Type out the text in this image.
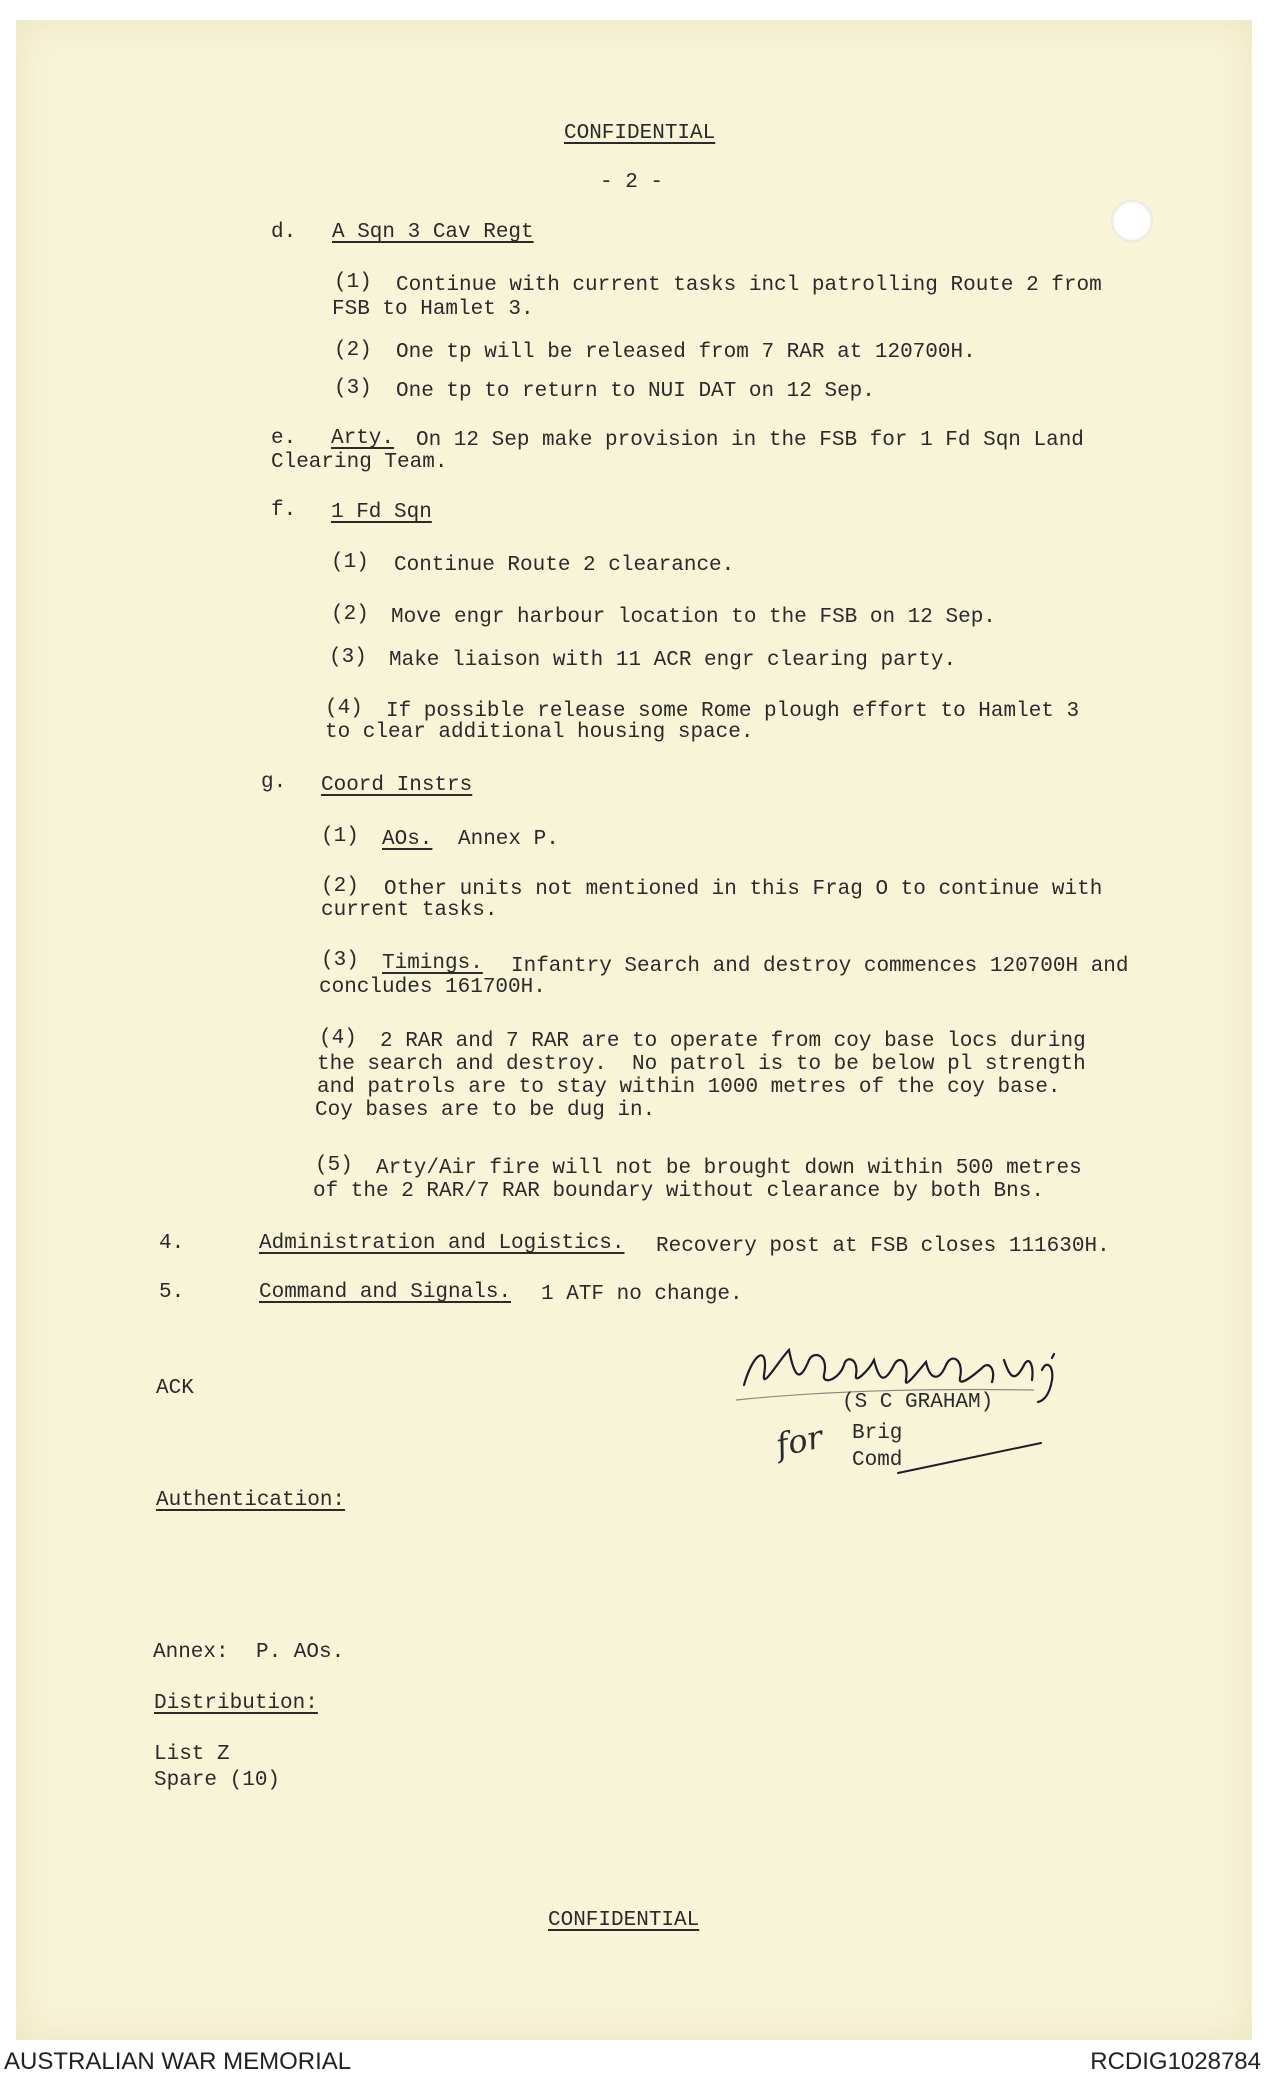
CONFIDENTIAL
- 2 -
d. A Sqn 3 Cav Regt
(1) Continue with current tasks incl patrolling Route 2 from
FSB to Hamlet 3.
(2) One tp will be released from 7 RAR at 120700H.
(3) One tp to return to NUI DAT on 12 Sep.
e. Arty. On 12 Sep make provision in the FSB for 1 Fd Sqn Land
Clearing Team.
f. 1 Fd Sqn
(1) Continue Route 2 clearance.
(2) Move engr harbour location to the FSB on 12 Sep.
(3) Make liaison with 11 ACR engr clearing party.
(4) If possible release some Rome plough effort to Hamlet 3
to clear additional housing space.
g. Coord Instrs
(1) AOs. Annex P.
(2) Other units not mentioned in this Frag O to continue with
current tasks.
(3) Timings. Infantry Search and destroy commences 120700H and
concludes 161700H.
(4) 2 RAR and 7 RAR are to operate from coy base locs during
the search and destroy.  No patrol is to be below pl strength
and patrols are to stay within 1000 metres of the coy base.
Coy bases are to be dug in.
(5) Arty/Air fire will not be brought down within 500 metres
of the 2 RAR/7 RAR boundary without clearance by both Bns.
4.	Administration and Logistics. Recovery post at FSB closes 111630H.
5.	Command and Signals. 1 ATF no change.
ACK
(S C GRAHAM)
Brig
Comd
for
Authentication:
Annex: P. AOs.
Distribution:
List Z
Spare (10)
CONFIDENTIAL
AUSTRALIAN WAR MEMORIAL	RCDIG1028784
